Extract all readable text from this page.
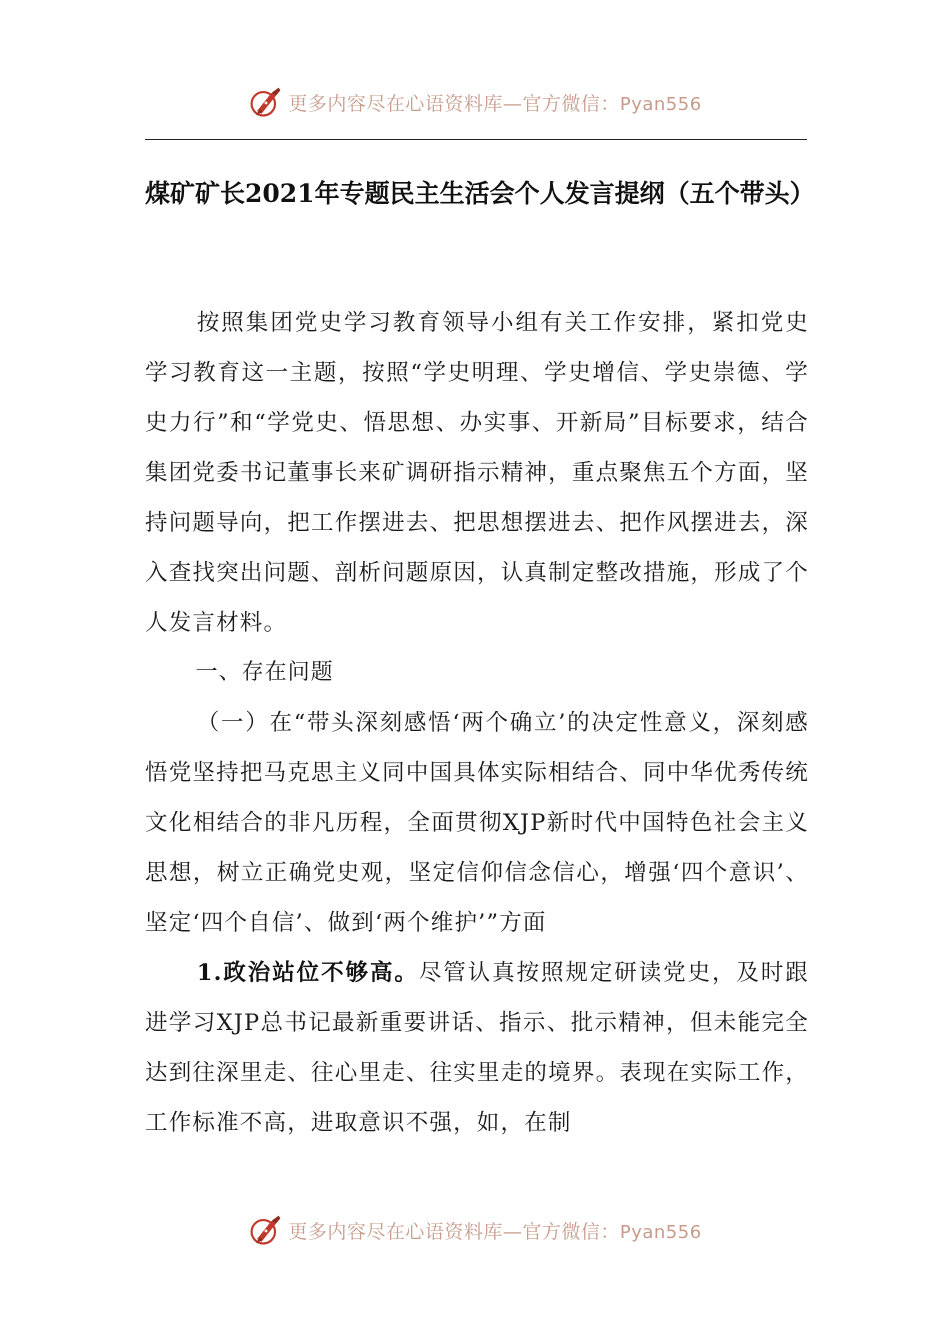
更多内容尽在心语资料库—官方微信：Pyan556
煤矿矿长2021年专题民主生活会个人发言提纲（五个带头）

按照集团党史学习教育领导小组有关工作安排，紧扣党史学习教育这一主题，按照“学史明理、学史增信、学史崇德、学史力行”和“学党史、悟思想、办实事、开新局”目标要求，结合集团党委书记董事长来矿调研指示精神，重点聚焦五个方面，坚持问题导向，把工作摆进去、把思想摆进去、把作风摆进去，深入查找突出问题、剖析问题原因，认真制定整改措施，形成了个人发言材料。

一、存在问题

（一）在“带头深刻感悟‘两个确立’的决定性意义，深刻感悟党坚持把马克思主义同中国具体实际相结合、同中华优秀传统文化相结合的非凡历程，全面贯彻XJP新时代中国特色社会主义思想，树立正确党史观，坚定信仰信念信心，增强‘四个意识’、坚定‘四个自信’、做到‘两个维护’”方面

1.政治站位不够高。尽管认真按照规定研读党史，及时跟进学习XJP总书记最新重要讲话、指示、批示精神，但未能完全达到往深里走、往心里走、往实里走的境界。表现在实际工作，工作标准不高，进取意识不强，如，在制

更多内容尽在心语资料库—官方微信：Pyan556
